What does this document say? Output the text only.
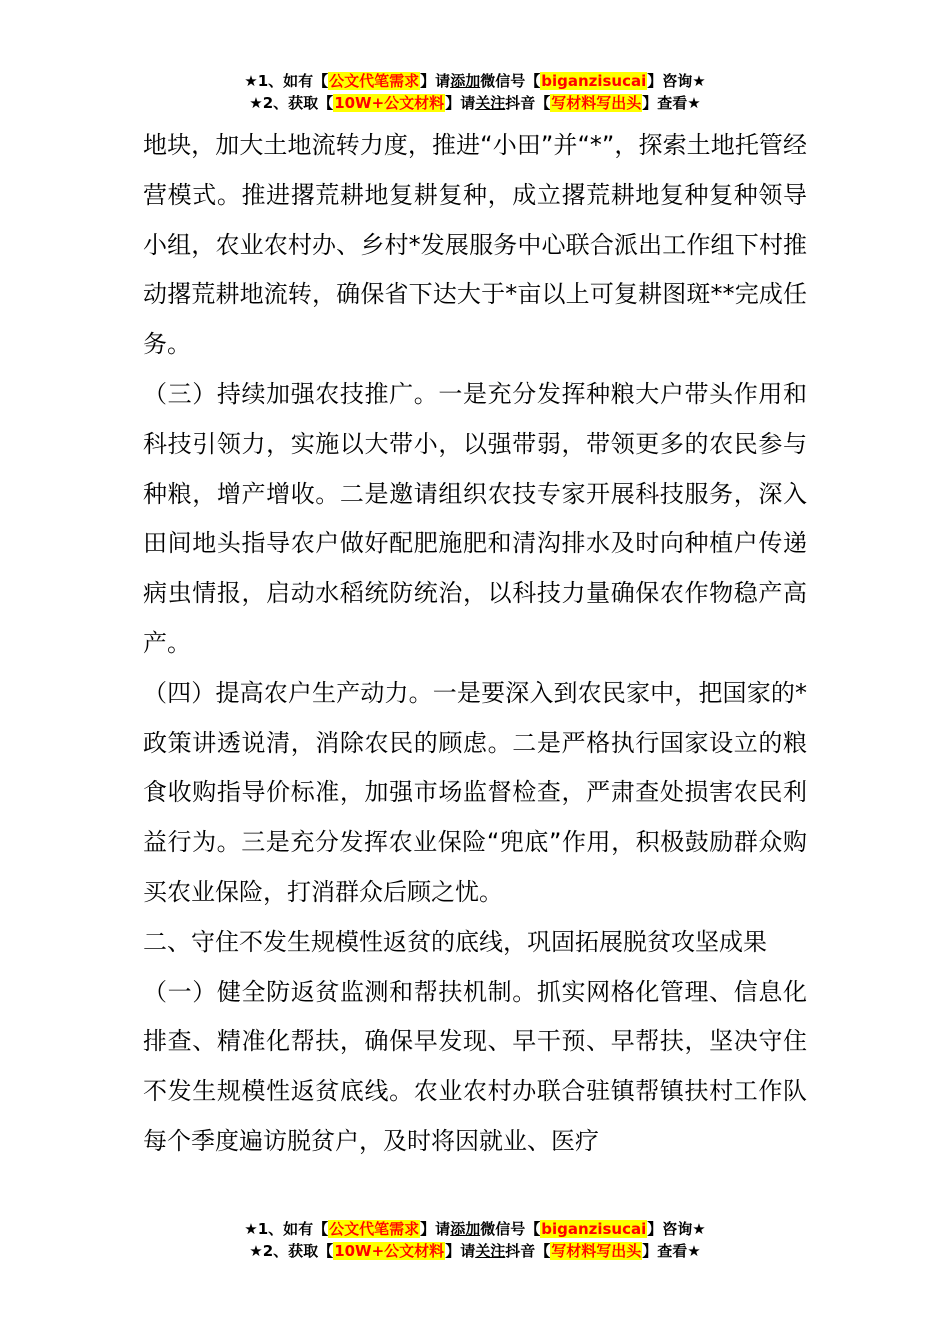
★1、如有【公文代笔需求】请添加微信号【biganzisucai】咨询★
★2、获取【10W+公文材料】请关注抖音【写材料写出头】查看★

地块，加大土地流转力度，推进“小田”并“*”，探索土地托管经营模式。推进撂荒耕地复耕复种，成立撂荒耕地复种复种领导小组，农业农村办、乡村*发展服务中心联合派出工作组下村推动撂荒耕地流转，确保省下达大于*亩以上可复耕图斑**完成任务。

（三）持续加强农技推广。一是充分发挥种粮大户带头作用和科技引领力，实施以大带小，以强带弱，带领更多的农民参与种粮，增产增收。二是邀请组织农技专家开展科技服务，深入田间地头指导农户做好配肥施肥和清沟排水及时向种植户传递病虫情报，启动水稻统防统治，以科技力量确保农作物稳产高产。

（四）提高农户生产动力。一是要深入到农民家中，把国家的*政策讲透说清，消除农民的顾虑。二是严格执行国家设立的粮食收购指导价标准，加强市场监督检查，严肃查处损害农民利益行为。三是充分发挥农业保险“兜底”作用，积极鼓励群众购买农业保险，打消群众后顾之忧。

二、守住不发生规模性返贫的底线，巩固拓展脱贫攻坚成果

（一）健全防返贫监测和帮扶机制。抓实网格化管理、信息化排查、精准化帮扶，确保早发现、早干预、早帮扶，坚决守住不发生规模性返贫底线。农业农村办联合驻镇帮镇扶村工作队每个季度遍访脱贫户，及时将因就业、医疗

★1、如有【公文代笔需求】请添加微信号【biganzisucai】咨询★
★2、获取【10W+公文材料】请关注抖音【写材料写出头】查看★
